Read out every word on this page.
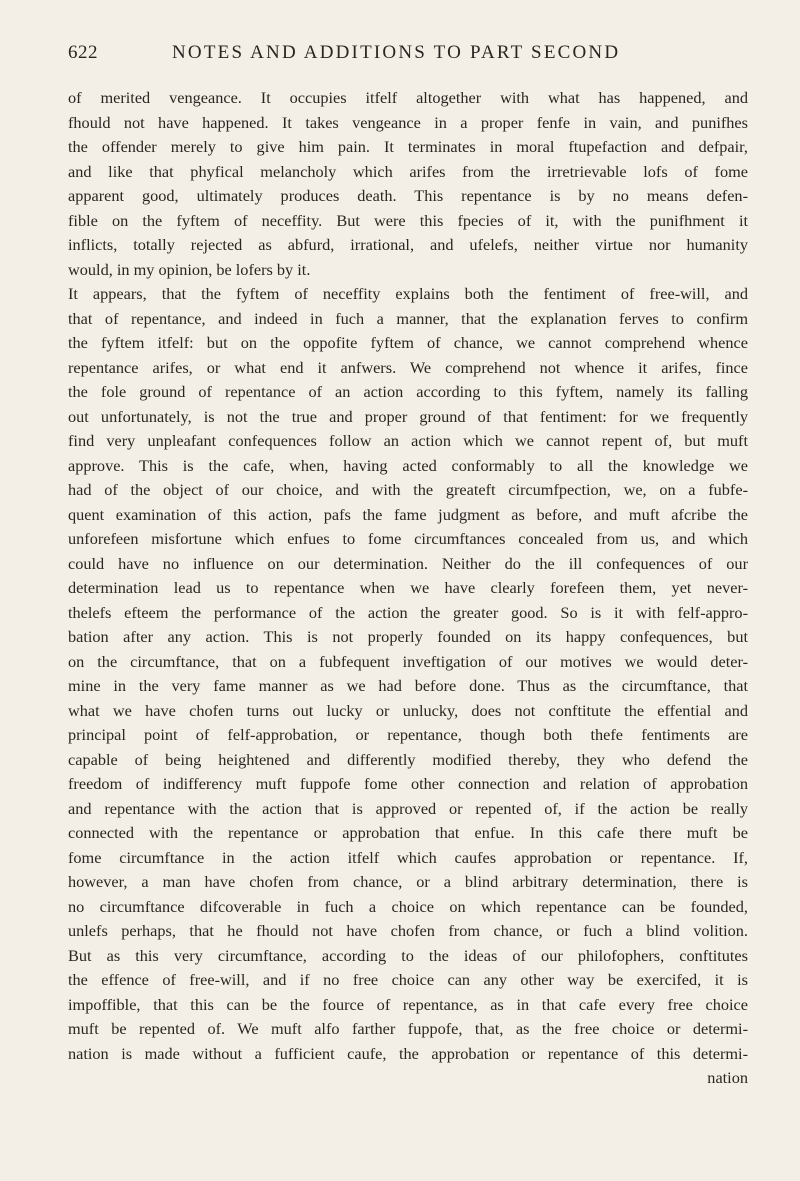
622	NOTES AND ADDITIONS TO PART SECOND
of merited vengeance. It occupies itfelf altogether with what has happened, and
fhould not have happened. It takes vengeance in a proper fenfe in vain, and punifhes
the offender merely to give him pain. It terminates in moral ftupefaction and defpair,
and like that phyfical melancholy which arifes from the irretrievable lofs of fome
apparent good, ultimately produces death. This repentance is by no means defen-
fible on the fyftem of neceffity. But were this fpecies of it, with the punifhment it
inflicts, totally rejected as abfurd, irrational, and ufelefs, neither virtue nor humanity
would, in my opinion, be lofers by it.
It appears, that the fyftem of neceffity explains both the fentiment of free-will, and
that of repentance, and indeed in fuch a manner, that the explanation ferves to confirm
the fyftem itfelf: but on the oppofite fyftem of chance, we cannot comprehend whence
repentance arifes, or what end it anfwers. We comprehend not whence it arifes, fince
the fole ground of repentance of an action according to this fyftem, namely its falling
out unfortunately, is not the true and proper ground of that fentiment: for we frequently
find very unpleafant confequences follow an action which we cannot repent of, but muft
approve. This is the cafe, when, having acted conformably to all the knowledge we
had of the object of our choice, and with the greateft circumfpection, we, on a fubfe-
quent examination of this action, pafs the fame judgment as before, and muft afcribe the
unforefeen misfortune which enfues to fome circumftances concealed from us, and which
could have no influence on our determination. Neither do the ill confequences of our
determination lead us to repentance when we have clearly forefeen them, yet never-
thelefs efteem the performance of the action the greater good. So is it with felf-appro-
bation after any action. This is not properly founded on its happy confequences, but
on the circumftance, that on a fubfequent inveftigation of our motives we would deter-
mine in the very fame manner as we had before done. Thus as the circumftance, that
what we have chofen turns out lucky or unlucky, does not conftitute the effential and
principal point of felf-approbation, or repentance, though both thefe fentiments are
capable of being heightened and differently modified thereby, they who defend the
freedom of indifferency muft fuppofe fome other connection and relation of approbation
and repentance with the action that is approved or repented of, if the action be really
connected with the repentance or approbation that enfue. In this cafe there muft be
fome circumftance in the action itfelf which caufes approbation or repentance. If,
however, a man have chofen from chance, or a blind arbitrary determination, there is
no circumftance difcoverable in fuch a choice on which repentance can be founded,
unlefs perhaps, that he fhould not have chofen from chance, or fuch a blind volition.
But as this very circumftance, according to the ideas of our philofophers, conftitutes
the effence of free-will, and if no free choice can any other way be exercifed, it is
impoffible, that this can be the fource of repentance, as in that cafe every free choice
muft be repented of. We muft alfo farther fuppofe, that, as the free choice or determi-
nation is made without a fufficient caufe, the approbation or repentance of this determi-
nation
